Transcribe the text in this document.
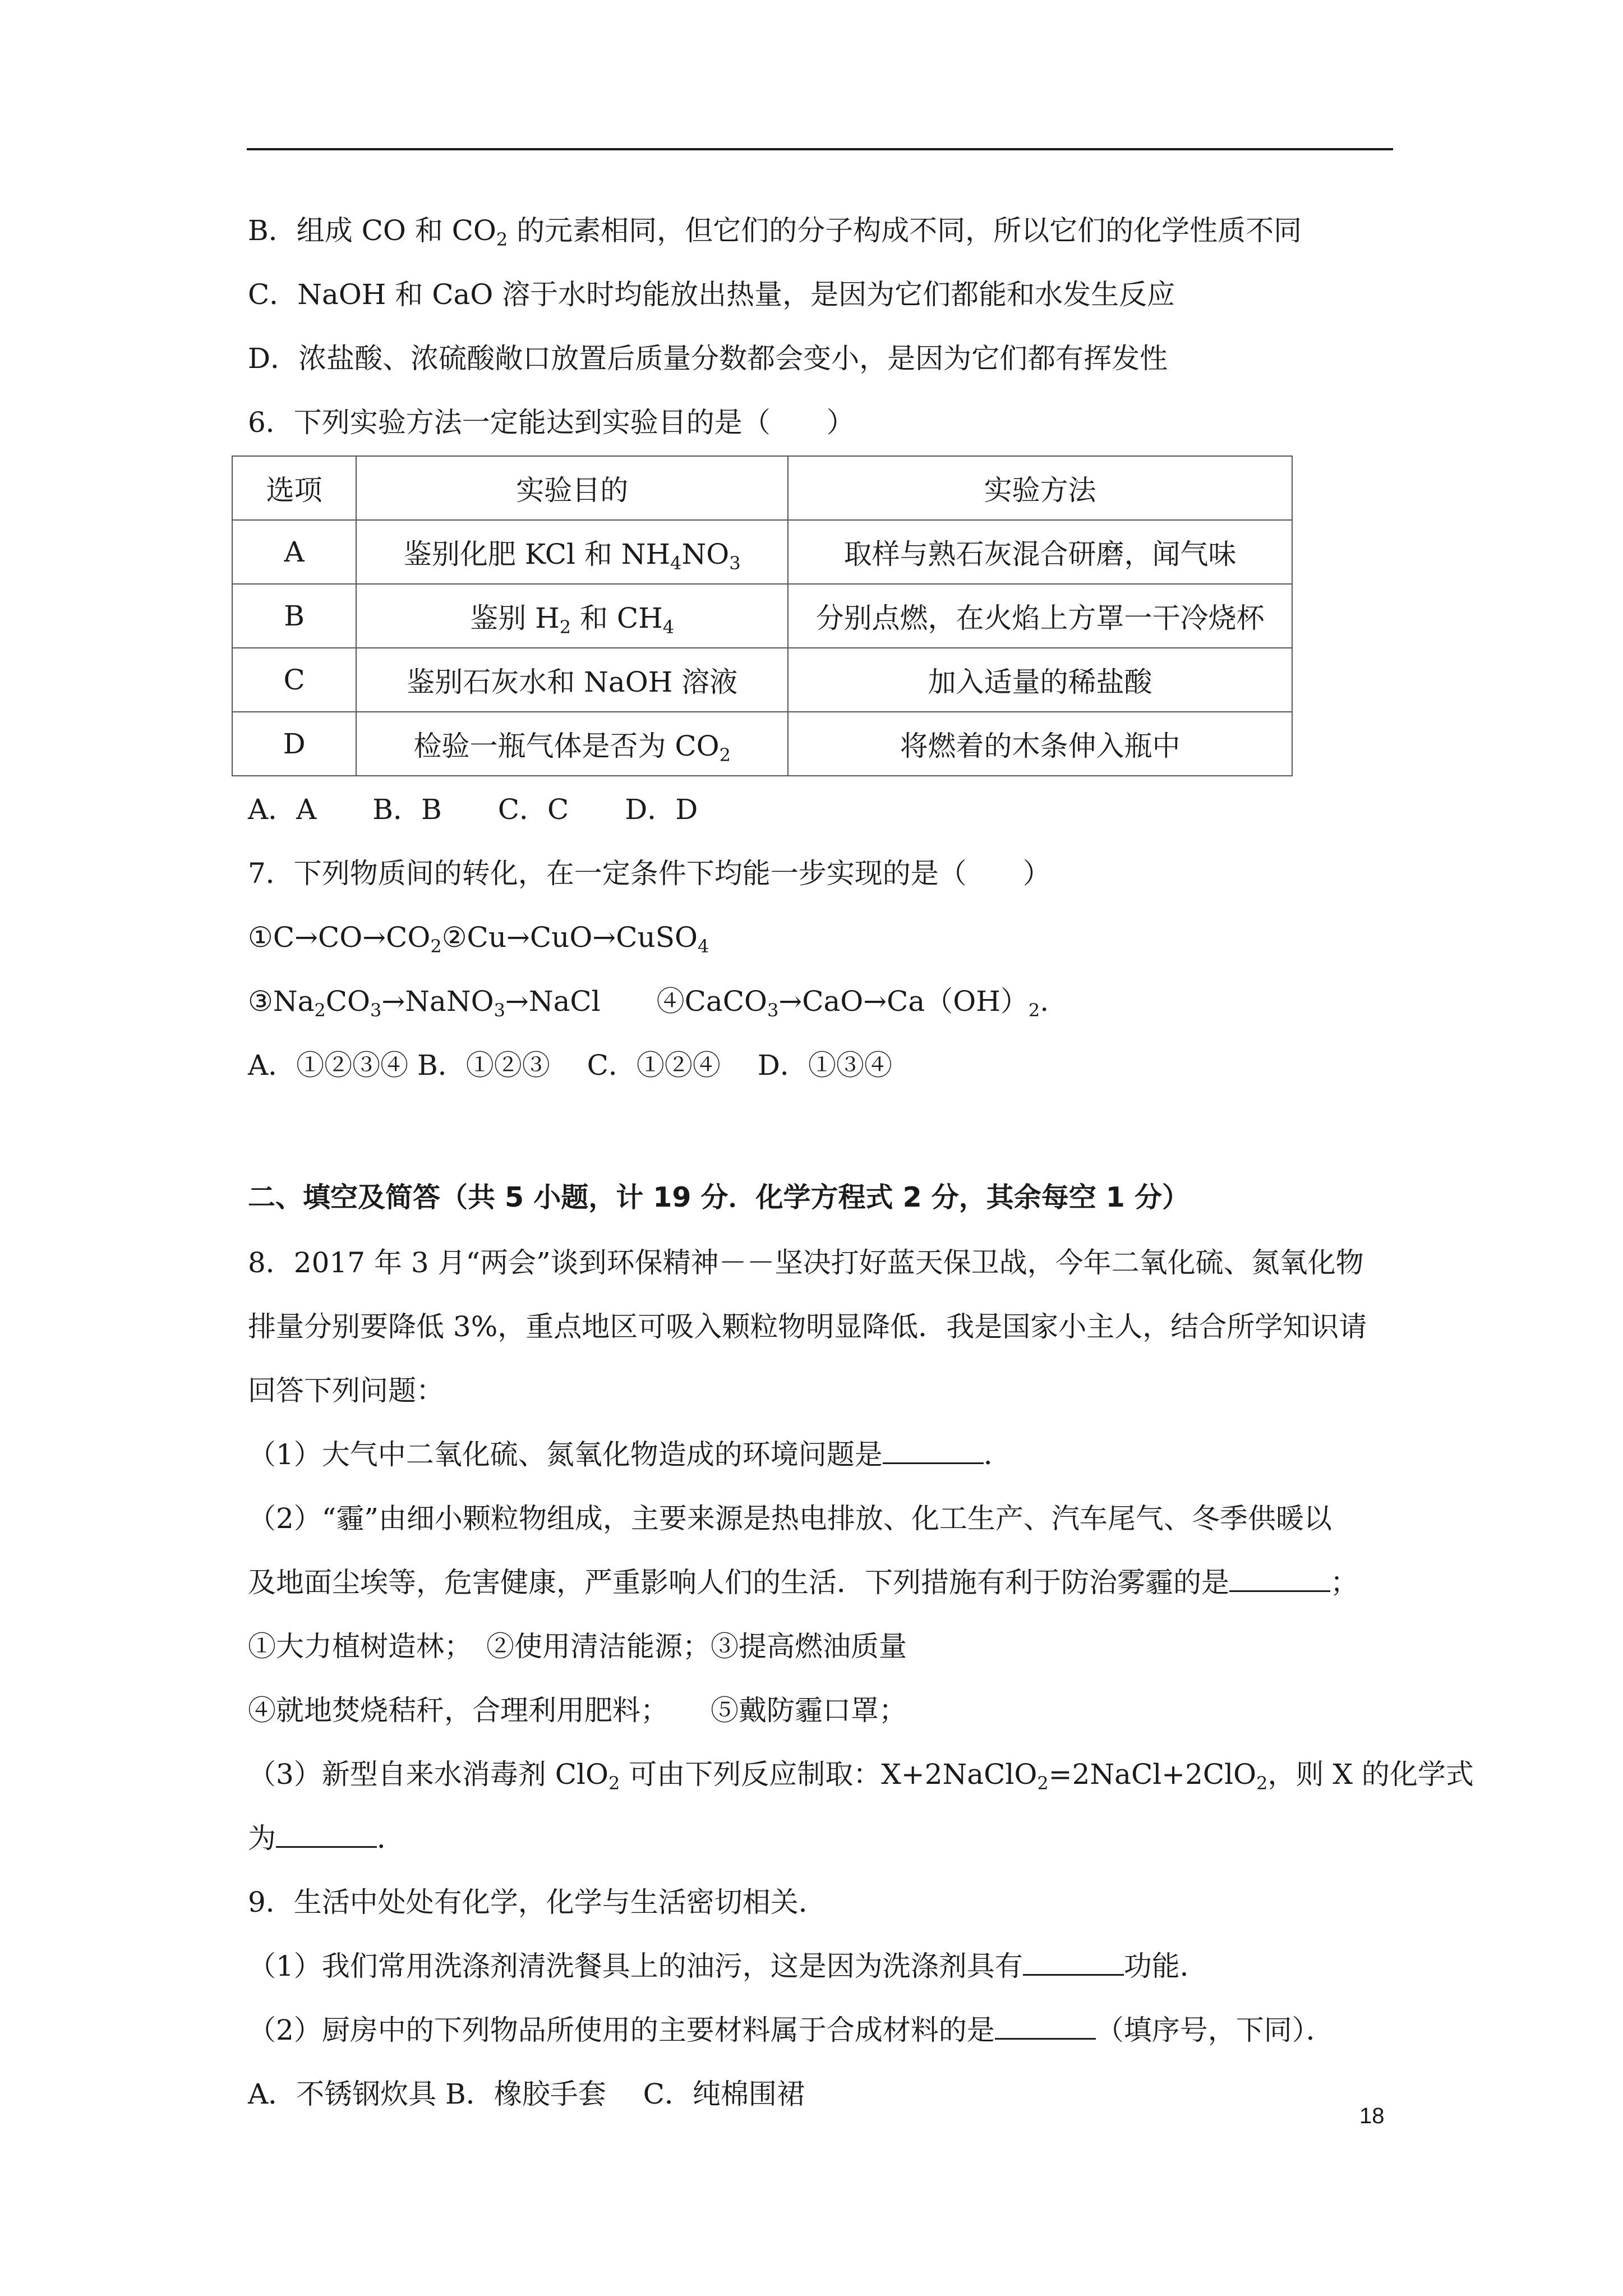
B．组成 CO 和 $CO_2$ 的元素相同，但它们的分子构成不同，所以它们的化学性质不同
C．NaOH 和 CaO 溶于水时均能放出热量，是因为它们都能和水发生反应
D．浓盐酸、浓硫酸敞口放置后质量分数都会变小，是因为它们都有挥发性
6．下列实验方法一定能达到实验目的是（　　）
选项	实验目的	实验方法
A	鉴别化肥 KCl 和 $NH_4NO_3$	取样与熟石灰混合研磨，闻气味
B	鉴别 $H_2$ 和 $CH_4$	分别点燃，在火焰上方罩一干冷烧杯
C	鉴别石灰水和 NaOH 溶液	加入适量的稀盐酸
D	检验一瓶气体是否为 $CO_2$	将燃着的木条伸入瓶中
A．A　　B．B　　C．C　　D．D
7．下列物质间的转化，在一定条件下均能一步实现的是（　　）
$①C\to CO\to CO_2②Cu\to CuO\to CuSO_4$
$③Na_2CO_3\to NaNO_3\to NaCl$　　$④CaCO_3\to CaO\to Ca(OH)_2$.
A．①②③④ B．①②③　 C．①②④　 D．①③④
二、填空及简答（共 5 小题，计 19 分．化学方程式 2 分，其余每空 1 分）
8．2017 年 3 月“两会”谈到环保精神－－坚决打好蓝天保卫战，今年二氧化硫、氮氧化物
排量分别要降低 3%，重点地区可吸入颗粒物明显降低．我是国家小主人，结合所学知识请
回答下列问题：
（1）大气中二氧化硫、氮氧化物造成的环境问题是	．
（2）“霾”由细小颗粒物组成，主要来源是热电排放、化工生产、汽车尾气、冬季供暖以
及地面尘埃等，危害健康，严重影响人们的生活．下列措施有利于防治雾霾的是	；
①大力植树造林；　②使用清洁能源；③提高燃油质量
④就地焚烧秸秆，合理利用肥料；　　⑤戴防霾口罩；
（3）新型自来水消毒剂 ClO$_2$ 可由下列反应制取：X+2NaClO$_2$=2NaCl+2ClO$_2$，则 X 的化学式
为	．
9．生活中处处有化学，化学与生活密切相关．
（1）我们常用洗涤剂清洗餐具上的油污，这是因为洗涤剂具有	功能．
（2）厨房中的下列物品所使用的主要材料属于合成材料的是	（填序号，下同）．
A．不锈钢炊具 B．橡胶手套　 C．纯棉围裙
18
